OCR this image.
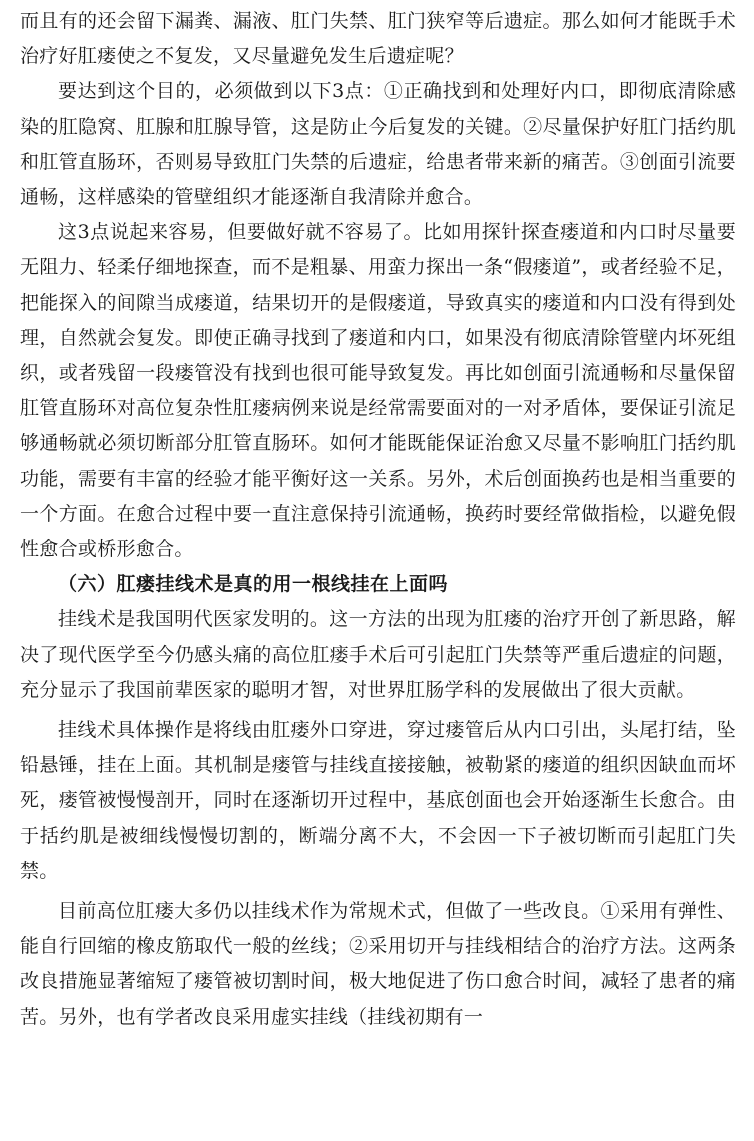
而且有的还会留下漏粪、漏液、肛门失禁、肛门狭窄等后遗症。那么如何才能既手术治疗好肛瘘使之不复发，又尽量避免发生后遗症呢？

要达到这个目的，必须做到以下3点：①正确找到和处理好内口，即彻底清除感染的肛隐窝、肛腺和肛腺导管，这是防止今后复发的关键。②尽量保护好肛门括约肌和肛管直肠环，否则易导致肛门失禁的后遗症，给患者带来新的痛苦。③创面引流要通畅，这样感染的管壁组织才能逐渐自我清除并愈合。

这3点说起来容易，但要做好就不容易了。比如用探针探查瘘道和内口时尽量要无阻力、轻柔仔细地探查，而不是粗暴、用蛮力探出一条“假瘘道”，或者经验不足，把能探入的间隙当成瘘道，结果切开的是假瘘道，导致真实的瘘道和内口没有得到处理，自然就会复发。即使正确寻找到了瘘道和内口，如果没有彻底清除管壁内坏死组织，或者残留一段瘘管没有找到也很可能导致复发。再比如创面引流通畅和尽量保留肛管直肠环对高位复杂性肛瘘病例来说是经常需要面对的一对矛盾体，要保证引流足够通畅就必须切断部分肛管直肠环。如何才能既能保证治愈又尽量不影响肛门括约肌功能，需要有丰富的经验才能平衡好这一关系。另外，术后创面换药也是相当重要的一个方面。在愈合过程中要一直注意保持引流通畅，换药时要经常做指检，以避免假性愈合或桥形愈合。

（六）肛瘘挂线术是真的用一根线挂在上面吗

挂线术是我国明代医家发明的。这一方法的出现为肛瘘的治疗开创了新思路，解决了现代医学至今仍感头痛的高位肛瘘手术后可引起肛门失禁等严重后遗症的问题，充分显示了我国前辈医家的聪明才智，对世界肛肠学科的发展做出了很大贡献。

挂线术具体操作是将线由肛瘘外口穿进，穿过瘘管后从内口引出，头尾打结，坠铅悬锤，挂在上面。其机制是瘘管与挂线直接接触，被勒紧的瘘道的组织因缺血而坏死，瘘管被慢慢剖开，同时在逐渐切开过程中，基底创面也会开始逐渐生长愈合。由于括约肌是被细线慢慢切割的，断端分离不大，不会因一下子被切断而引起肛门失禁。

目前高位肛瘘大多仍以挂线术作为常规术式，但做了一些改良。①采用有弹性、能自行回缩的橡皮筋取代一般的丝线；②采用切开与挂线相结合的治疗方法。这两条改良措施显著缩短了瘘管被切割时间，极大地促进了伤口愈合时间，减轻了患者的痛苦。另外，也有学者改良采用虚实挂线（挂线初期有一
